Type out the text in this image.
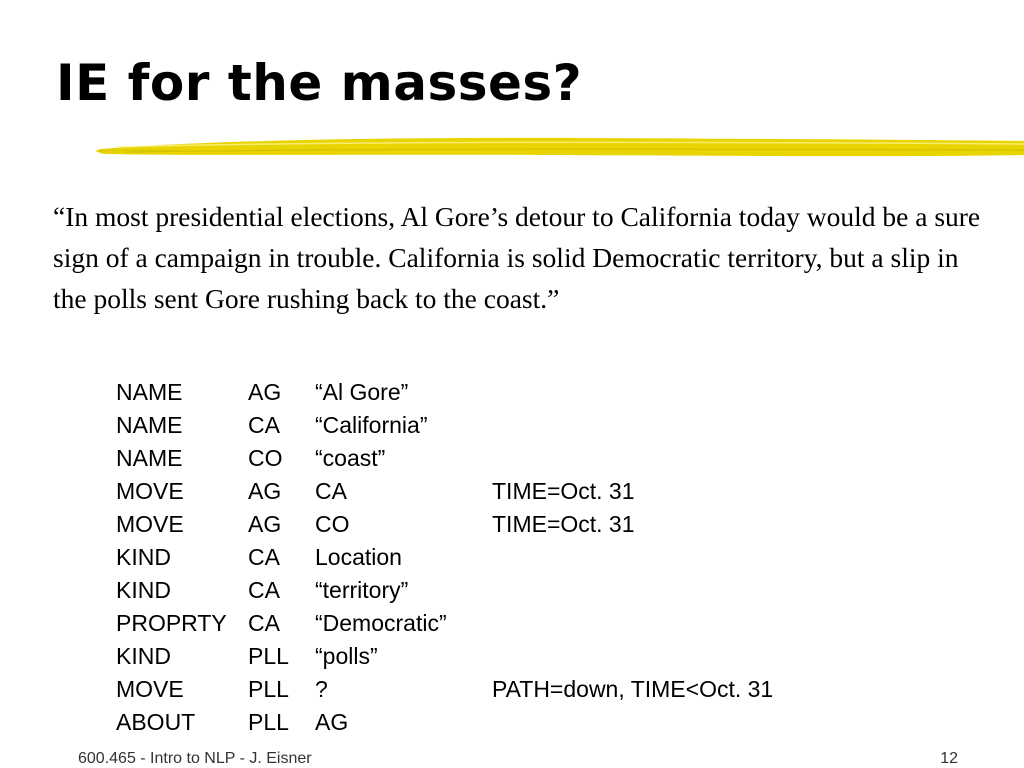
IE for the masses?

“In most presidential elections, Al Gore’s detour to California today would be a sure sign of a campaign in trouble. California is solid Democratic territory, but a slip in the polls sent Gore rushing back to the coast.”

NAME	AG	“Al Gore”	
NAME	CA	“California”	
NAME	CO	“coast”	
MOVE	AG	CA	TIME=Oct. 31
MOVE	AG	CO	TIME=Oct. 31
KIND	CA	Location	
KIND	CA	“territory”	
PROPRTY	CA	“Democratic”	
KIND	PLL	“polls”	
MOVE	PLL	?	PATH=down, TIME<Oct. 31
ABOUT	PLL	AG	
600.465 - Intro to NLP - J. Eisner	12
